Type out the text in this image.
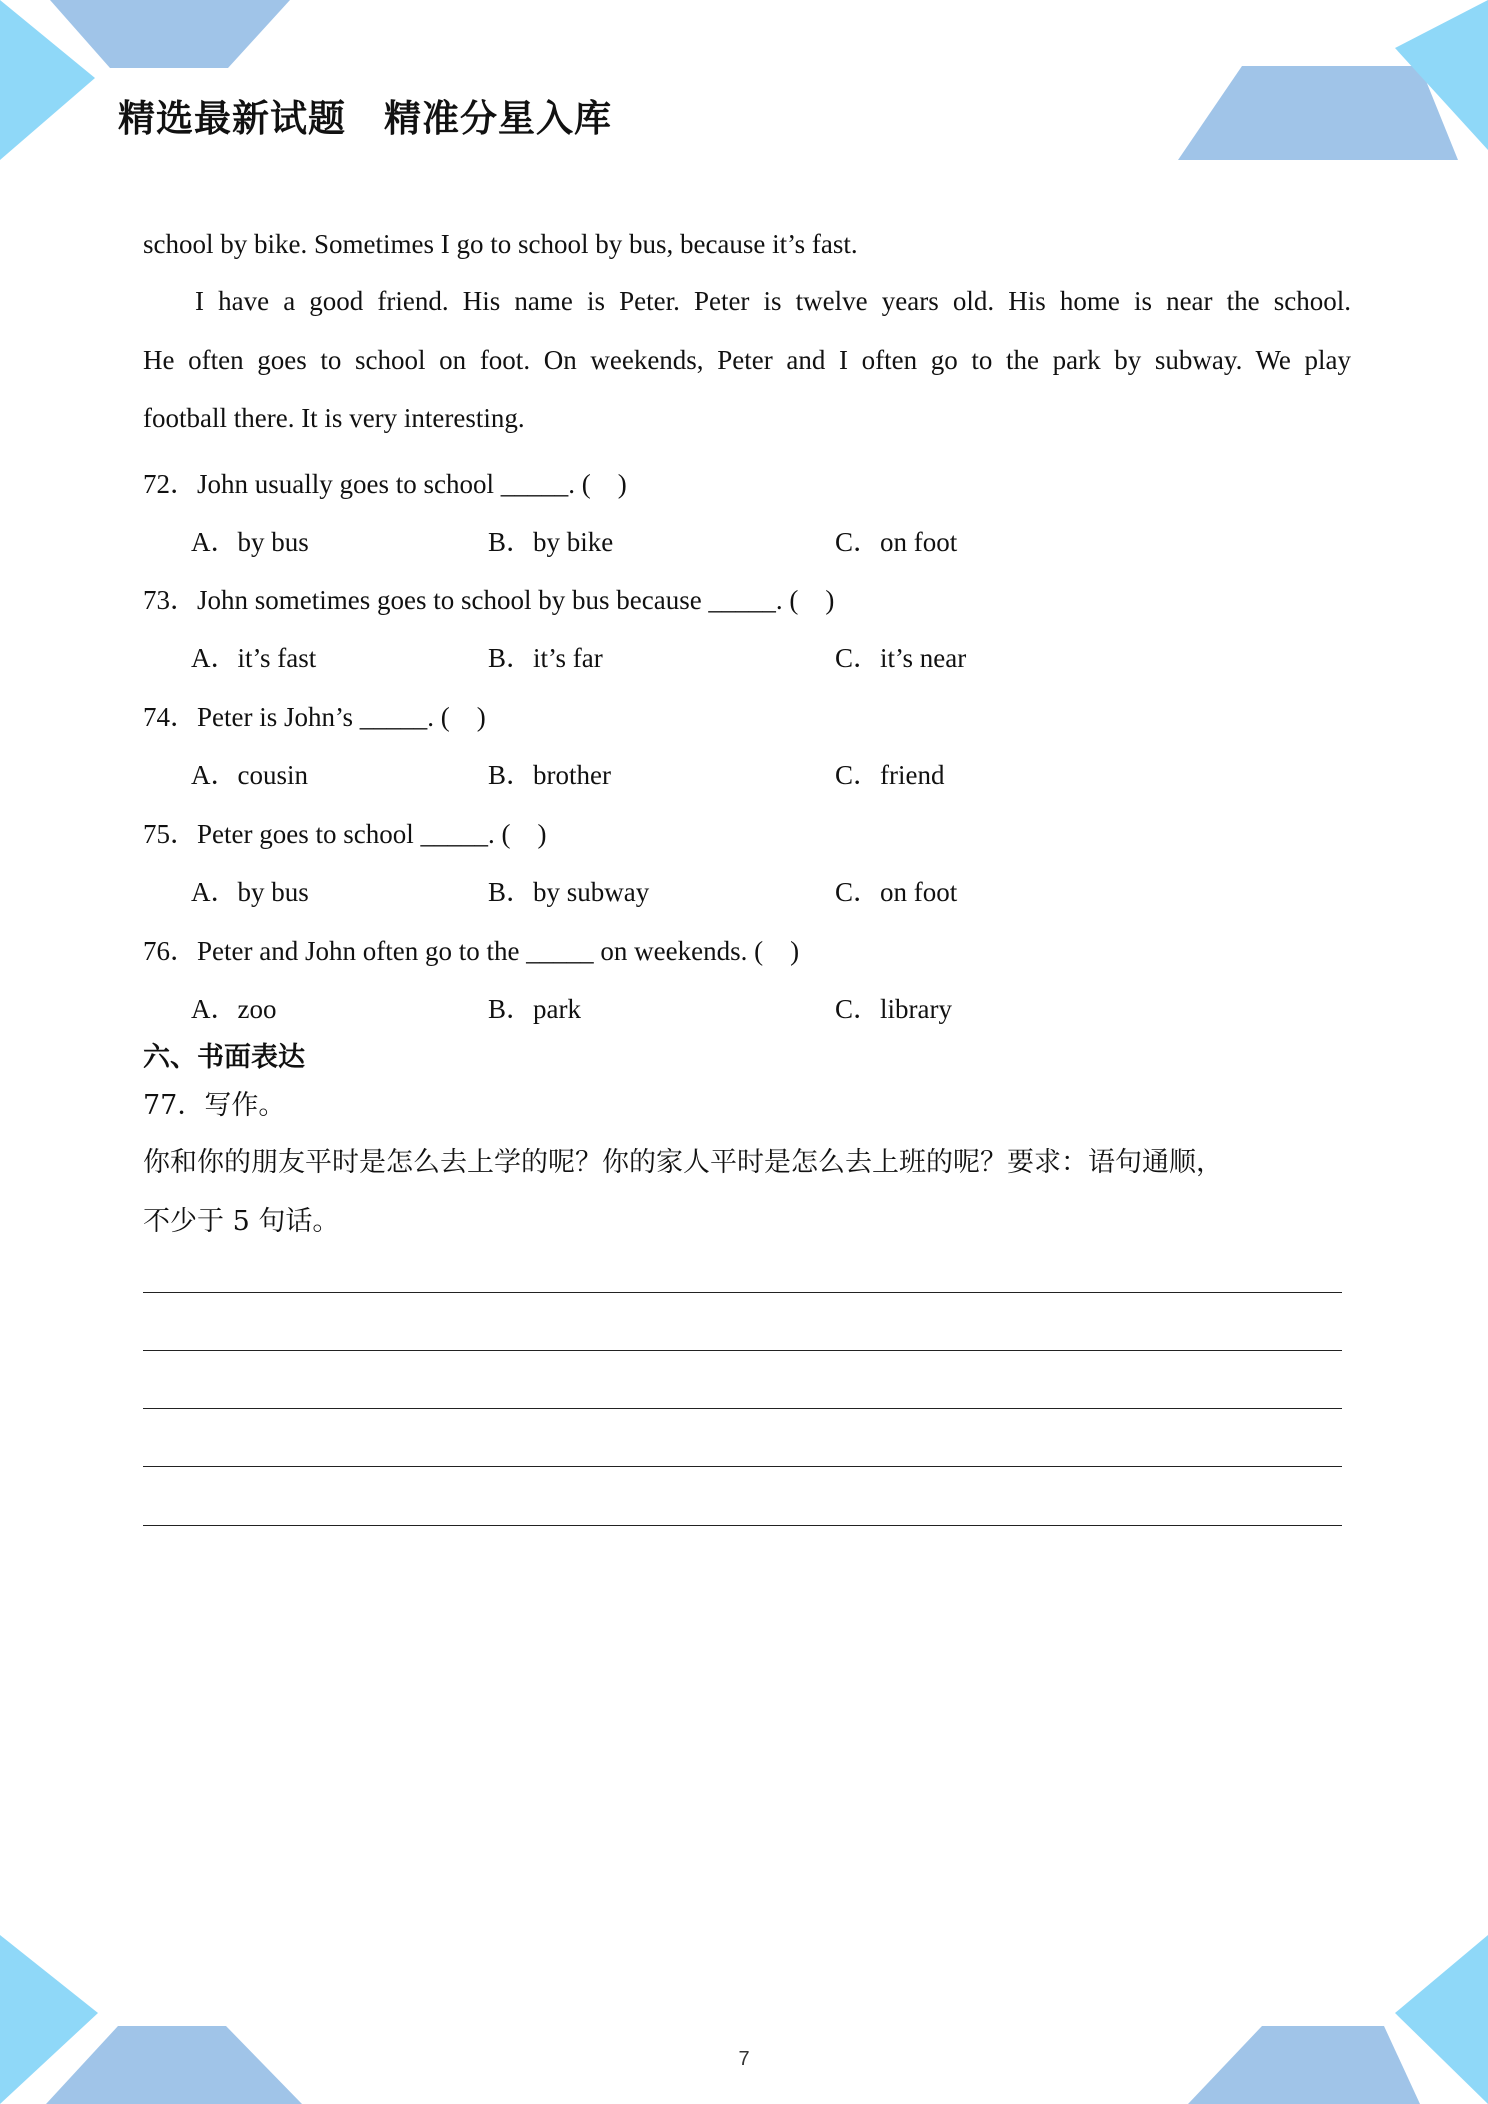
精选最新试题　精准分星入库
school by bike. Sometimes I go to school by bus, because it’s fast.
I have a good friend. His name is Peter. Peter is twelve years old. His home is near the school.
He often goes to school on foot. On weekends, Peter and I often go to the park by subway. We play
football there. It is very interesting.
72．John usually goes to school _____. (    )
A．by bus	B．by bike	C．on foot
73．John sometimes goes to school by bus because _____. (    )
A．it’s fast	B．it’s far	C．it’s near
74．Peter is John’s _____. (    )
A．cousin	B．brother	C．friend
75．Peter goes to school _____. (    )
A．by bus	B．by subway	C．on foot
76．Peter and John often go to the _____ on weekends. (    )
A．zoo	B．park	C．library
六、书面表达
77．写作。
你和你的朋友平时是怎么去上学的呢？你的家人平时是怎么去上班的呢？要求：语句通顺，
不少于 5 句话。
7
